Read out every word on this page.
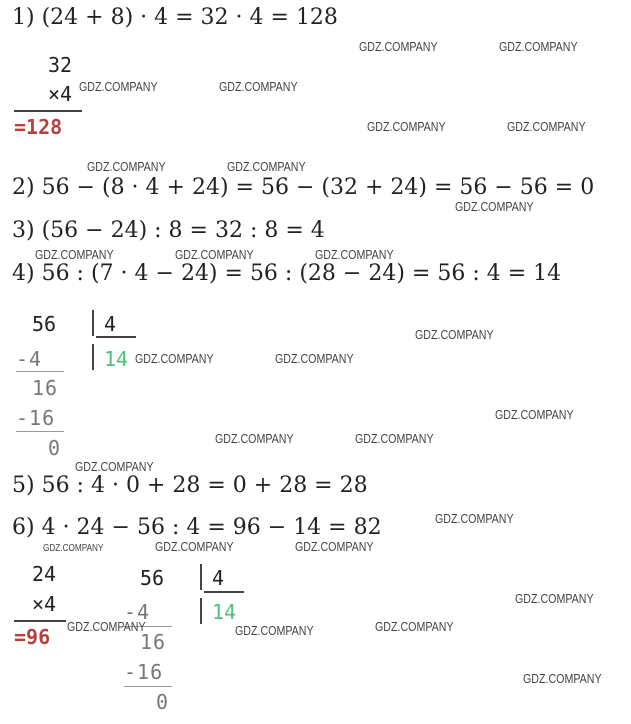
1) (24 + 8) · 4 = 32 · 4 = 128
2) 56 − (8 · 4 + 24) = 56 − (32 + 24) = 56 − 56 = 0
3) (56 − 24) : 8 = 32 : 8 = 4
4) 56 : (7 · 4 − 24) = 56 : (28 − 24) = 56 : 4 = 14
5) 56 : 4 · 0 + 28 = 0 + 28 = 28
6) 4 · 24 − 56 : 4 = 96 − 14 = 82
32
×4
=128
56 4
14
-4
16
-16
0
24
×4
=96
56 4
14
-4
16
-16
0
GDZ.COMPANY	GDZ.COMPANY
GDZ.COMPANY	GDZ.COMPANY
GDZ.COMPANY	GDZ.COMPANY
GDZ.COMPANY	GDZ.COMPANY
GDZ.COMPANY
GDZ.COMPANY	GDZ.COMPANY	GDZ.COMPANY
GDZ.COMPANY
GDZ.COMPANY	GDZ.COMPANY
GDZ.COMPANY
GDZ.COMPANY	GDZ.COMPANY
GDZ.COMPANY
GDZ.COMPANY
GDZ.COMPANY	GDZ.COMPANY	GDZ.COMPANY
GDZ.COMPANY
GDZ.COMPANY	GDZ.COMPANY
GDZ.COMPANY
GDZ.COMPANY
